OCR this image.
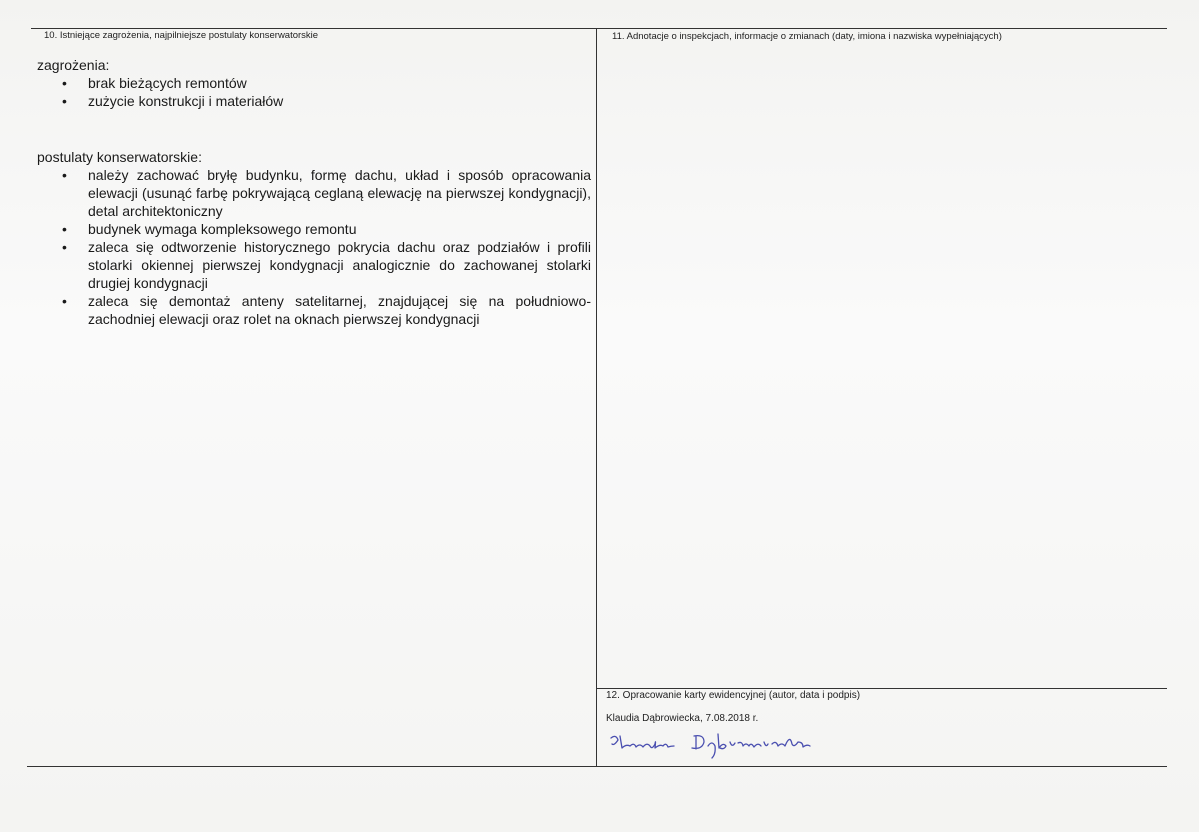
10. Istniejące zagrożenia, najpilniejsze postulaty konserwatorskie	11. Adnotacje o inspekcjach, informacje o zmianach (daty, imiona i nazwiska wypełniających)

zagrożenia:

• brak bieżących remontów
• zużycie konstrukcji i materiałów

postulaty konserwatorskie:

• należy zachować bryłę budynku, formę dachu, układ i sposób opracowania elewacji (usunąć farbę pokrywającą ceglaną elewację na pierwszej kondygnacji), detal architektoniczny
• budynek wymaga kompleksowego remontu
• zaleca się odtworzenie historycznego pokrycia dachu oraz podziałów i profili stolarki okiennej pierwszej kondygnacji analogicznie do zachowanej stolarki drugiej kondygnacji
• zaleca się demontaż anteny satelitarnej, znajdującej się na południowo-zachodniej elewacji oraz rolet na oknach pierwszej kondygnacji
12. Opracowanie karty ewidencyjnej (autor, data i podpis)
Klaudia Dąbrowiecka, 7.08.2018 r.
